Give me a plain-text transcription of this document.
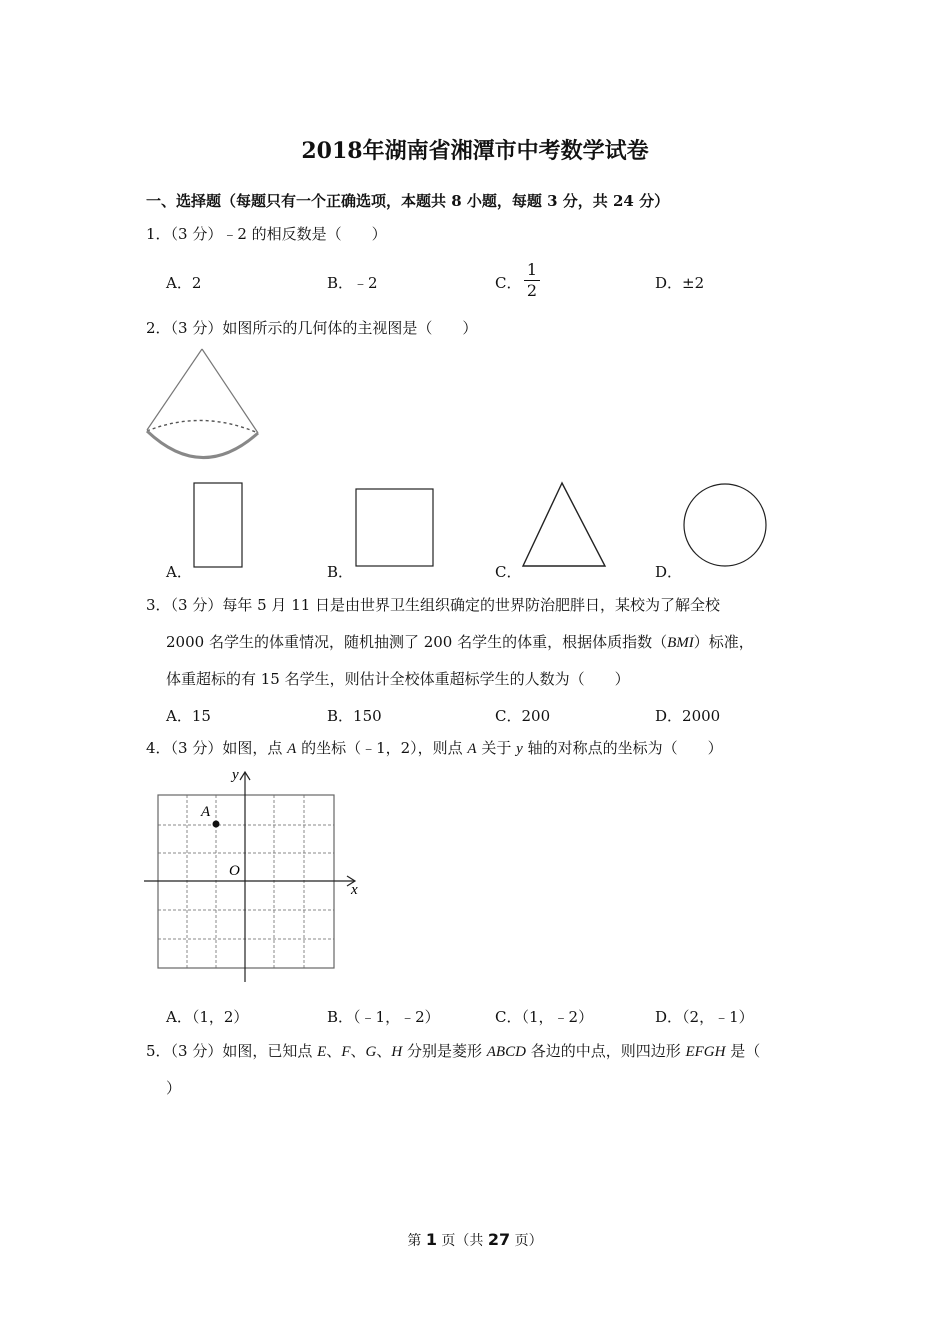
2018年湖南省湘潭市中考数学试卷
一、选择题（每题只有一个正确选项，本题共 8 小题，每题 3 分，共 24 分）
1．（3 分）﹣2 的相反数是（　　）
A．2	B．﹣2	C．
1
2	D．±2
2．（3 分）如图所示的几何体的主视图是（　　）
A．	B．	C．	D．
3．（3 分）每年 5 月 11 日是由世界卫生组织确定的世界防治肥胖日，某校为了解全校
2000 名学生的体重情况，随机抽测了 200 名学生的体重，根据体质指数（BMI）标准，
体重超标的有 15 名学生，则估计全校体重超标学生的人数为（　　）
A．15	B．150	C．200	D．2000
4．（3 分）如图，点 A 的坐标（﹣1，2），则点 A 关于 y 轴的对称点的坐标为（　　）
y
x
O
A
A．（1，2）	B．（﹣1，﹣2）	C．（1，﹣2）	D．（2，﹣1）
5．（3 分）如图，已知点 E、F、G、H 分别是菱形 ABCD 各边的中点，则四边形 EFGH 是（
）
第 1 页（共 27 页）
